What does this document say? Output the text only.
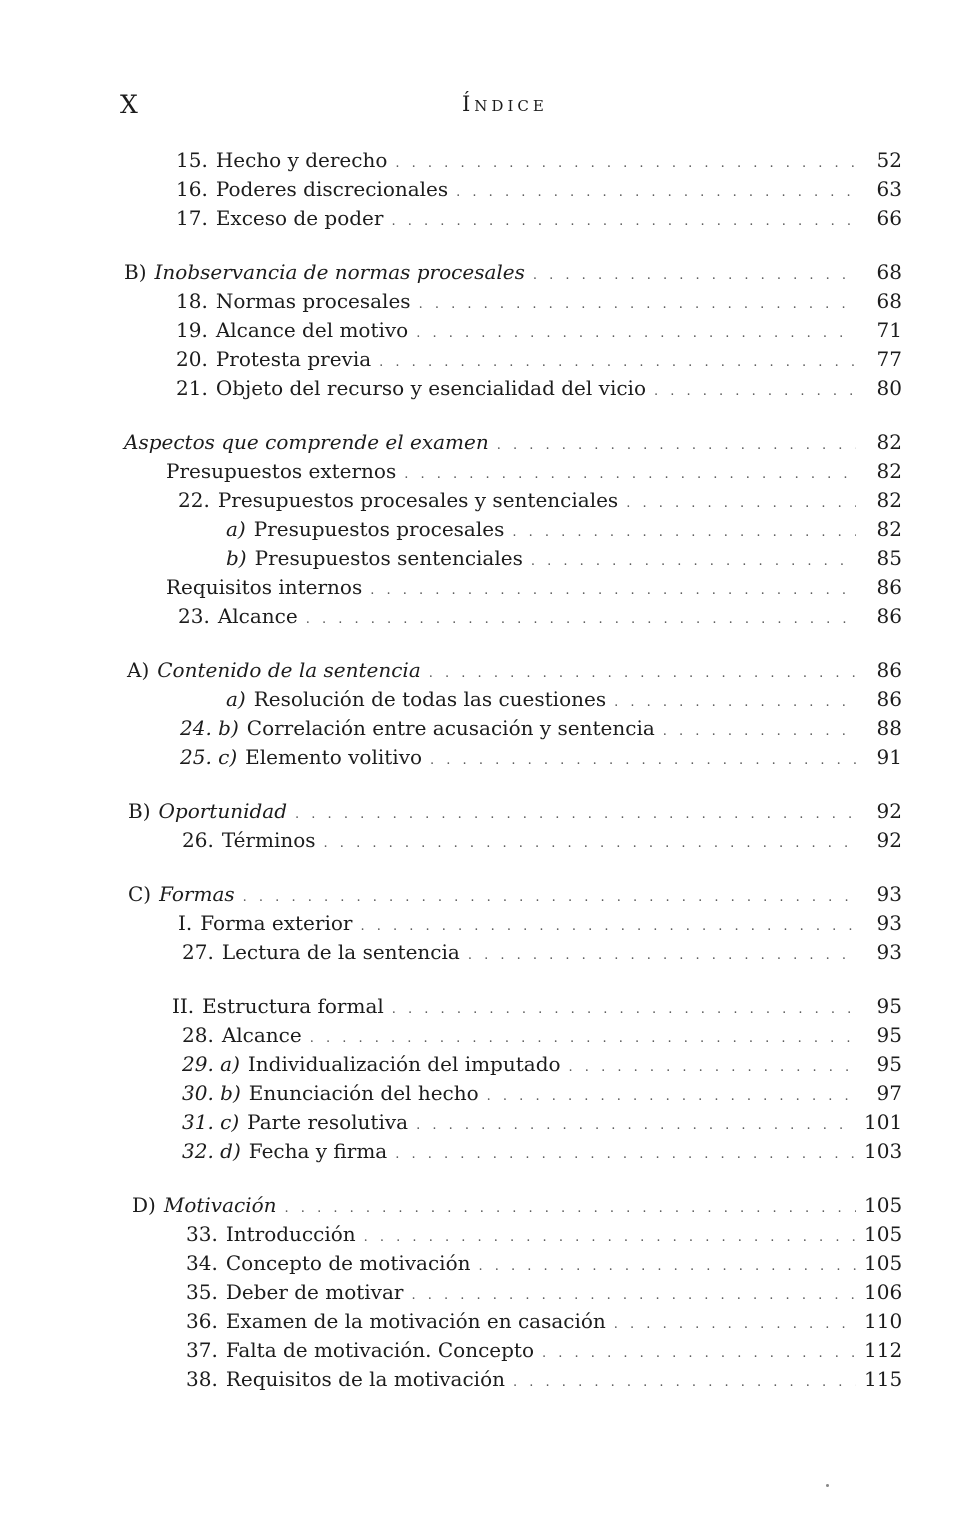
X	Índice
15. Hecho y derecho . . .	52
16. Poderes discrecionales . . .	63
17. Exceso de poder . . .	66
B) Inobservancia de normas procesales . . .	68
18. Normas procesales . . .	68
19. Alcance del motivo . . .	71
20. Protesta previa . . .	77
21. Objeto del recurso y esencialidad del vicio . . .	80
Aspectos que comprende el examen . . .	82
Presupuestos externos . . .	82
22. Presupuestos procesales y sentenciales . . .	82
a) Presupuestos procesales . . .	82
b) Presupuestos sentenciales . . .	85
Requisitos internos . . .	86
23. Alcance . . .	86
A) Contenido de la sentencia . . .	86
a) Resolución de todas las cuestiones . . .	86
24. b) Correlación entre acusación y sentencia . . .	88
25. c) Elemento volitivo . . .	91
B) Oportunidad . . .	92
26. Términos . . .	92
C) Formas . . .	93
I. Forma exterior . . .	93
27. Lectura de la sentencia . . .	93
II. Estructura formal . . .	95
28. Alcance . . .	95
29. a) Individualización del imputado . . .	95
30. b) Enunciación del hecho . . .	97
31. c) Parte resolutiva . . .	101
32. d) Fecha y firma . . .	103
D) Motivación . . .	105
33. Introducción . . .	105
34. Concepto de motivación . . .	105
35. Deber de motivar . . .	106
36. Examen de la motivación en casación . . .	110
37. Falta de motivación. Concepto . . .	112
38. Requisitos de la motivación . . .	115
